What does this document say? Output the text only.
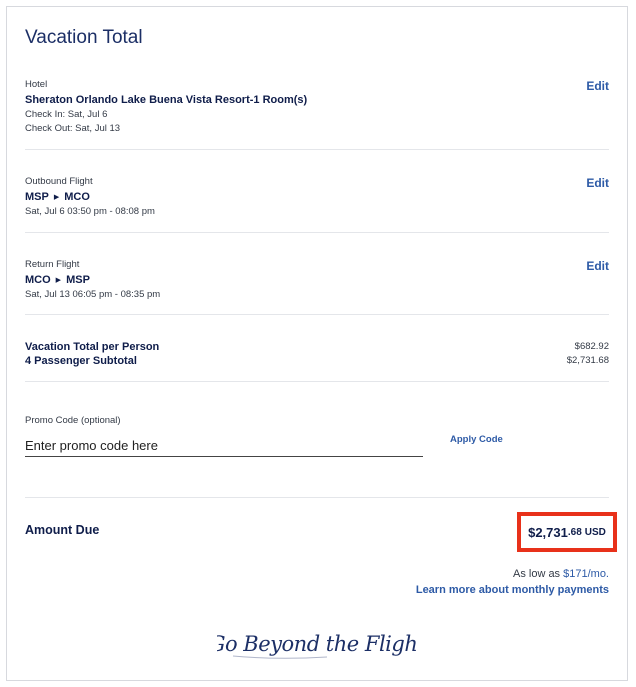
Vacation Total
Hotel
Sheraton Orlando Lake Buena Vista Resort-1 Room(s)
Check In: Sat, Jul 6
Check Out: Sat, Jul 13
Edit
Outbound Flight
MSP ▶ MCO
Sat, Jul 6 03:50 pm - 08:08 pm
Edit
Return Flight
MCO ▶ MSP
Sat, Jul 13 06:05 pm - 08:35 pm
Edit
Vacation Total per Person
4 Passenger Subtotal
$682.92
$2,731.68
Promo Code (optional)
Enter promo code here
Apply Code
Amount Due	$2,731 .68 USD
As low as $171/mo.
Learn more about monthly payments
Go Beyond the Flight
